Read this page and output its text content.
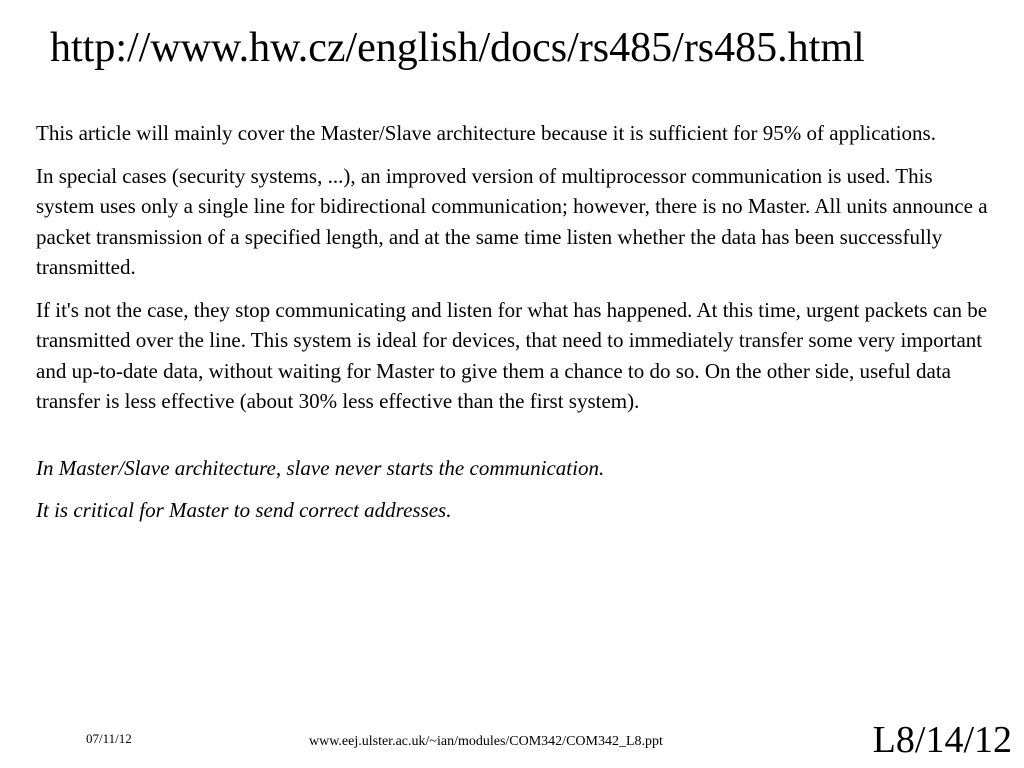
http://www.hw.cz/english/docs/rs485/rs485.html

This article will mainly cover the Master/Slave architecture because it is sufficient for 95% of applications.

In special cases (security systems, ...), an improved version of multiprocessor communication is used. This system uses only a single line for bidirectional communication; however, there is no Master. All units announce a packet transmission of a specified length, and at the same time listen whether the data has been successfully transmitted.

If it's not the case, they stop communicating and listen for what has happened. At this time, urgent packets can be transmitted over the line. This system is ideal for devices, that need to immediately transfer some very important and up-to-date data, without waiting for Master to give them a chance to do so. On the other side, useful data transfer is less effective (about 30% less effective than the first system).

In Master/Slave architecture, slave never starts the communication.

It is critical for Master to send correct addresses.

07/11/12	www.eej.ulster.ac.uk/~ian/modules/COM342/COM342_L8.ppt	L8/14/12
